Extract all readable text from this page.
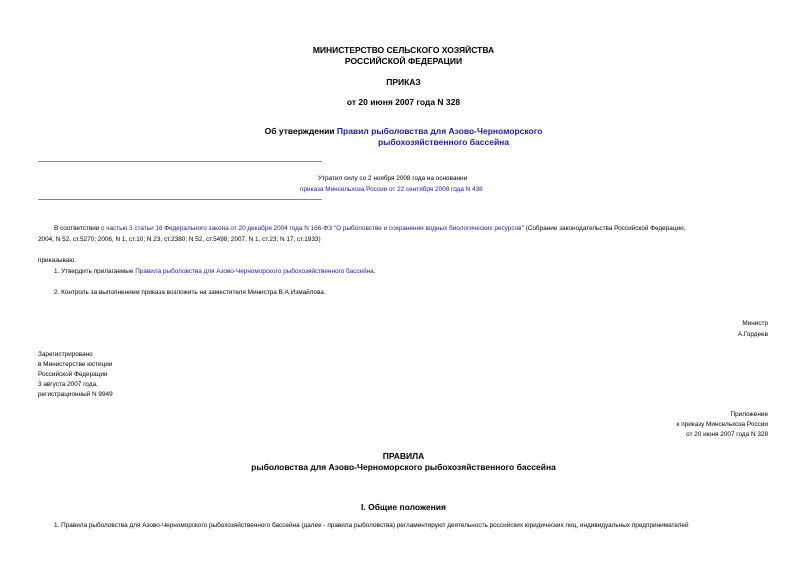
МИНИСТЕРСТВО СЕЛЬСКОГО ХОЗЯЙСТВА
РОССИЙСКОЙ ФЕДЕРАЦИИ
ПРИКАЗ
от 20 июня 2007 года N 328
Об утверждении Правил рыболовства для Азово-Черноморского
рыбохозяйственного бассейна
Утратил силу со 2 ноября 2008 года на основании
приказа Минсельхоза России от 22 сентября 2008 года N 438
В соответствии с частью 3 статьи 16 Федерального закона от 20 декабря 2004 года N 166-ФЗ "О рыболовстве и сохранении водных биологических ресурсов" (Собрание законодательства Российской Федерации,
2004, N 52, ст.5270; 2006, N 1, ст.10; N 23, ст.2380; N 52, ст.5498; 2007, N 1, ст.23; N 17, ст.1933)
приказываю:
1. Утвердить прилагаемые Правила рыболовства для Азово-Черноморского рыбохозяйственного бассейна.
2. Контроль за выполнением приказа возложить на заместителя Министра В.А.Измайлова.
Министр
А.Гордеев
Зарегистрировано
в Министерстве юстиции
Российской Федерации
3 августа 2007 года,
регистрационный N 9949
Приложение
к приказу Минсельхоза России
от 20 июня 2007 года N 328
ПРАВИЛА
рыболовства для Азово-Черноморского рыбохозяйственного бассейна
I. Общие положения
1. Правила рыболовства для Азово-Черноморского рыбохозяйственного бассейна (далее - правила рыболовства) регламентируют деятельность российских юридических лиц, индивидуальных предпринимателей
